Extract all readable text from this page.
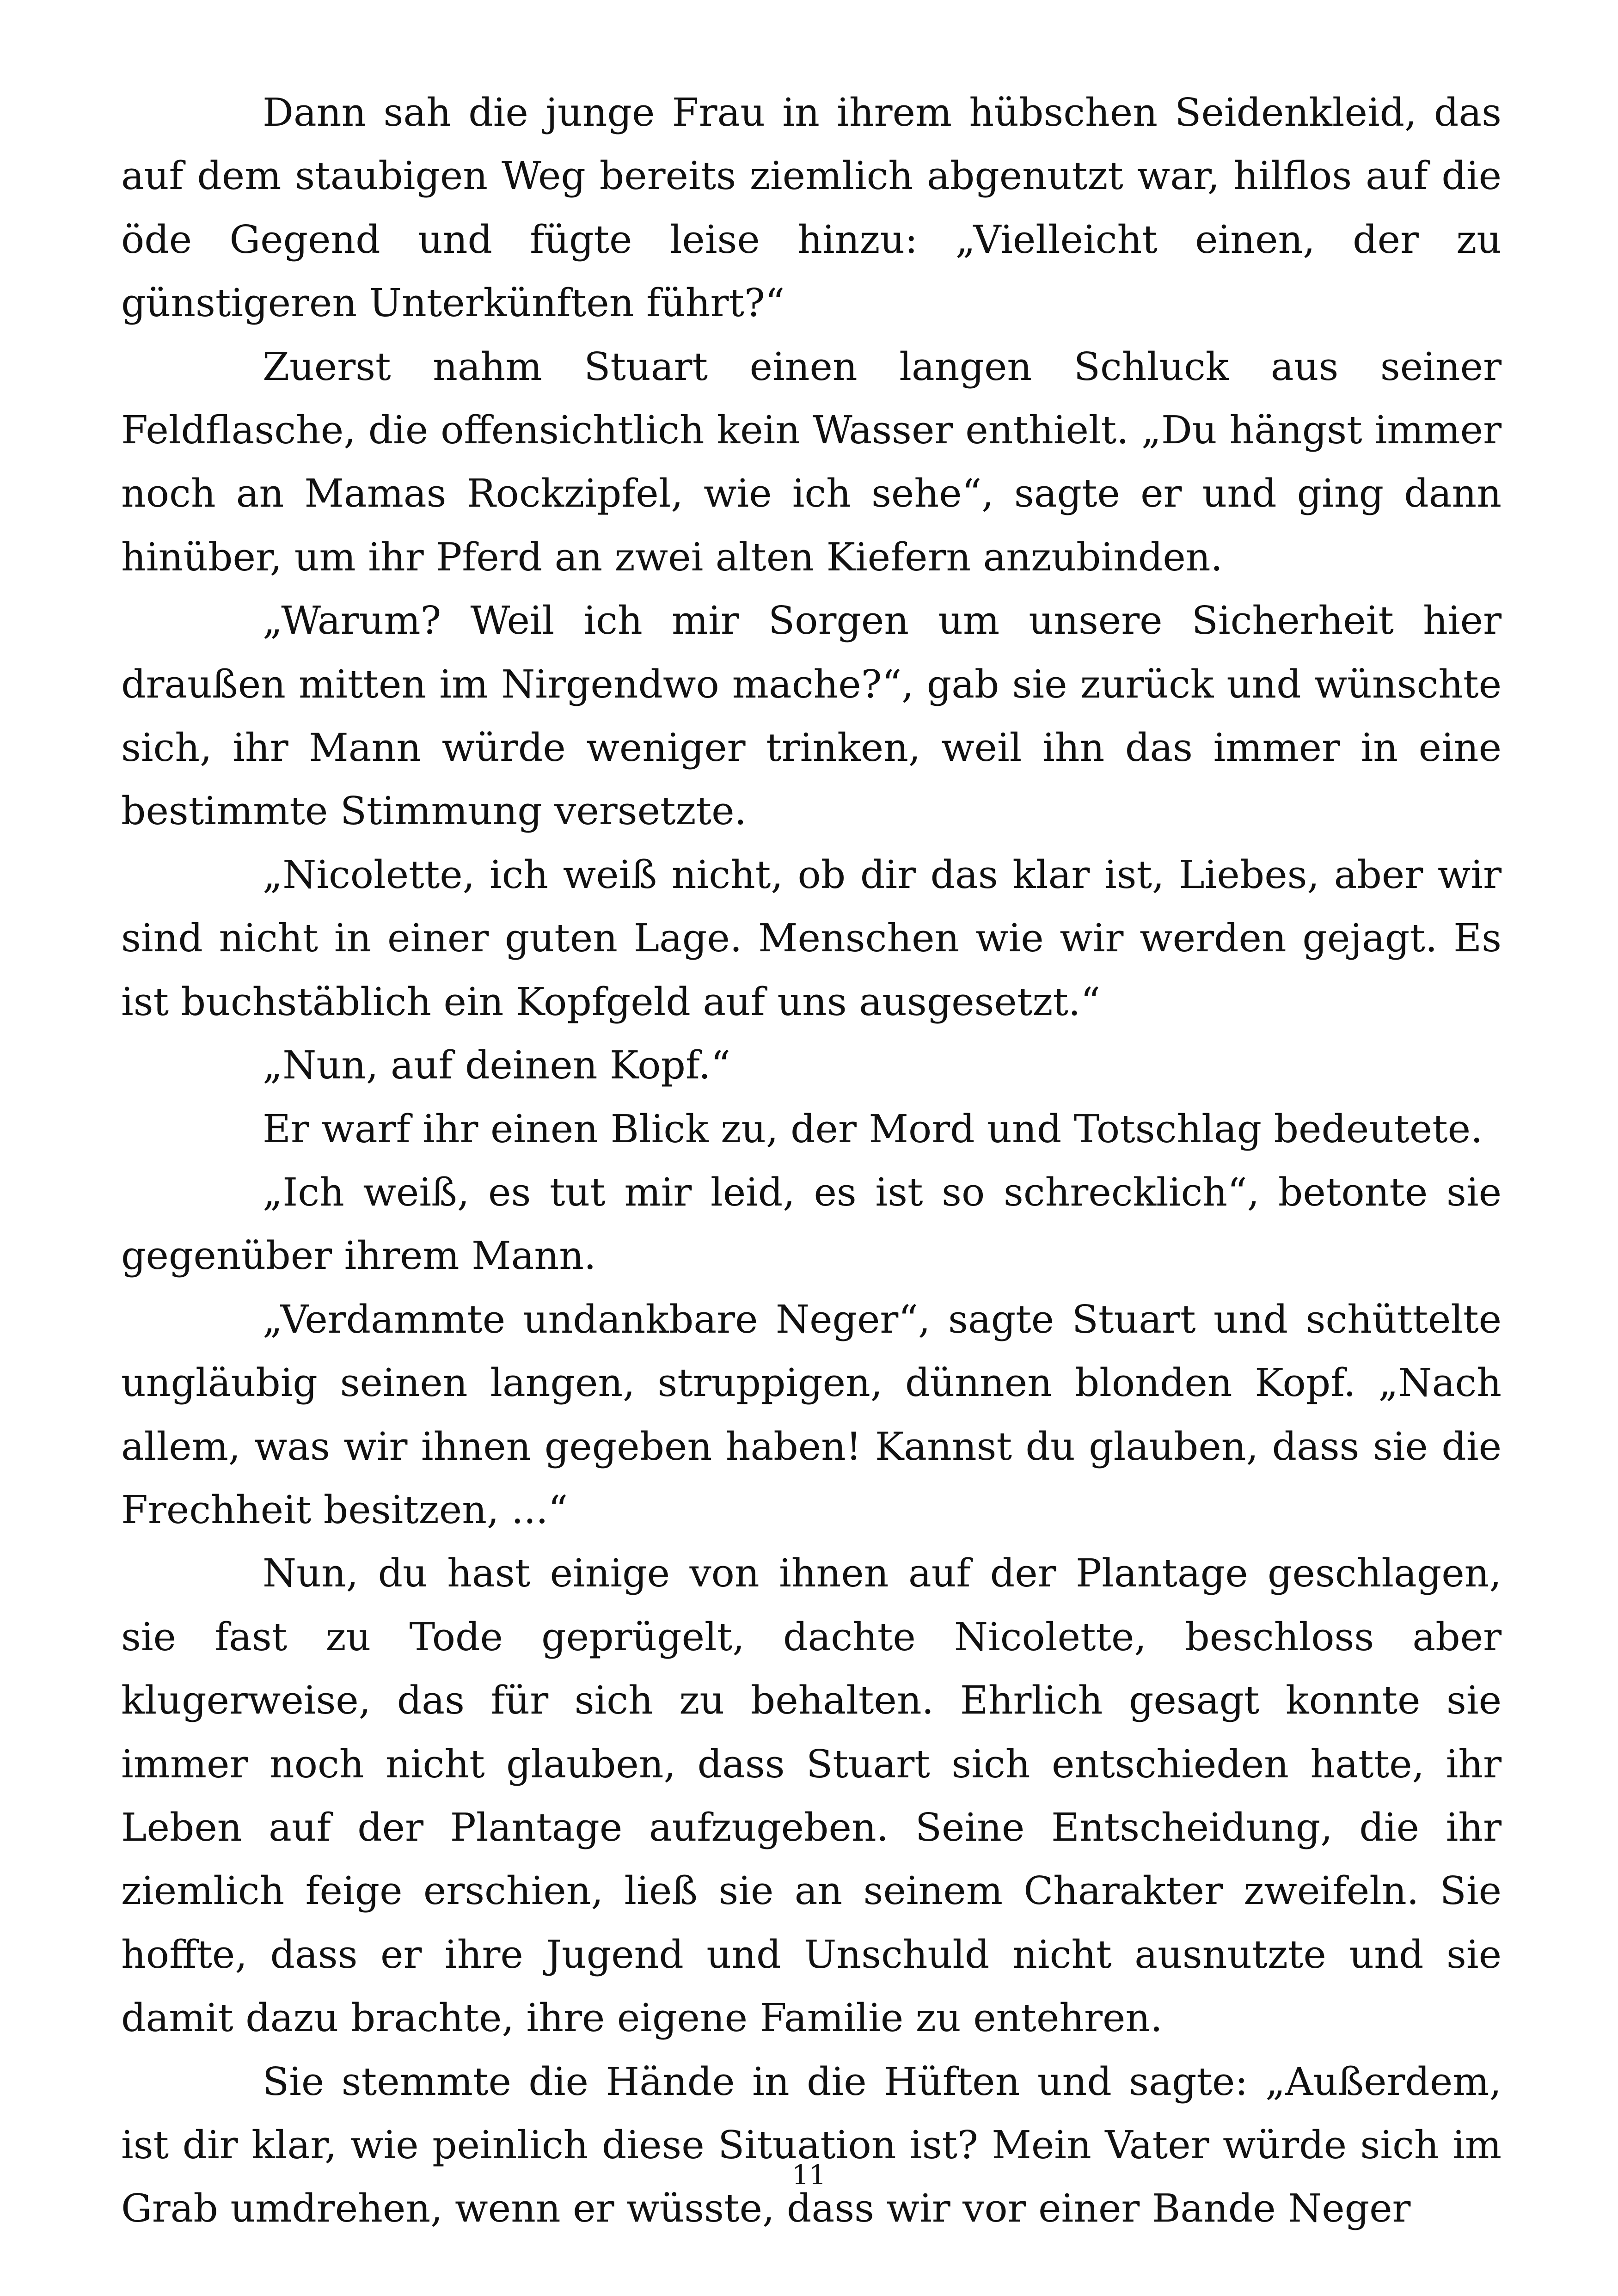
Dann sah die junge Frau in ihrem hübschen Seidenkleid, das auf dem staubigen Weg bereits ziemlich abgenutzt war, hilflos auf die öde Gegend und fügte leise hinzu: „Vielleicht einen, der zu günstigeren Unterkünften führt?“

Zuerst nahm Stuart einen langen Schluck aus seiner Feldflasche, die offensichtlich kein Wasser enthielt. „Du hängst immer noch an Mamas Rockzipfel, wie ich sehe“, sagte er und ging dann hinüber, um ihr Pferd an zwei alten Kiefern anzubinden.

„Warum? Weil ich mir Sorgen um unsere Sicherheit hier draußen mitten im Nirgendwo mache?“, gab sie zurück und wünschte sich, ihr Mann würde weniger trinken, weil ihn das immer in eine bestimmte Stimmung versetzte.

„Nicolette, ich weiß nicht, ob dir das klar ist, Liebes, aber wir sind nicht in einer guten Lage. Menschen wie wir werden gejagt. Es ist buchstäblich ein Kopfgeld auf uns ausgesetzt.“

„Nun, auf deinen Kopf.“

Er warf ihr einen Blick zu, der Mord und Totschlag bedeutete.

„Ich weiß, es tut mir leid, es ist so schrecklich“, betonte sie gegenüber ihrem Mann.

„Verdammte undankbare Neger“, sagte Stuart und schüttelte ungläubig seinen langen, struppigen, dünnen blonden Kopf. „Nach allem, was wir ihnen gegeben haben! Kannst du glauben, dass sie die Frechheit besitzen, ...“

Nun, du hast einige von ihnen auf der Plantage geschlagen, sie fast zu Tode geprügelt, dachte Nicolette, beschloss aber klugerweise, das für sich zu behalten. Ehrlich gesagt konnte sie immer noch nicht glauben, dass Stuart sich entschieden hatte, ihr Leben auf der Plantage aufzugeben. Seine Entscheidung, die ihr ziemlich feige erschien, ließ sie an seinem Charakter zweifeln. Sie hoffte, dass er ihre Jugend und Unschuld nicht ausnutzte und sie damit dazu brachte, ihre eigene Familie zu entehren.

Sie stemmte die Hände in die Hüften und sagte: „Außerdem, ist dir klar, wie peinlich diese Situation ist? Mein Vater würde sich im Grab umdrehen, wenn er wüsste, dass wir vor einer Bande Neger

11
